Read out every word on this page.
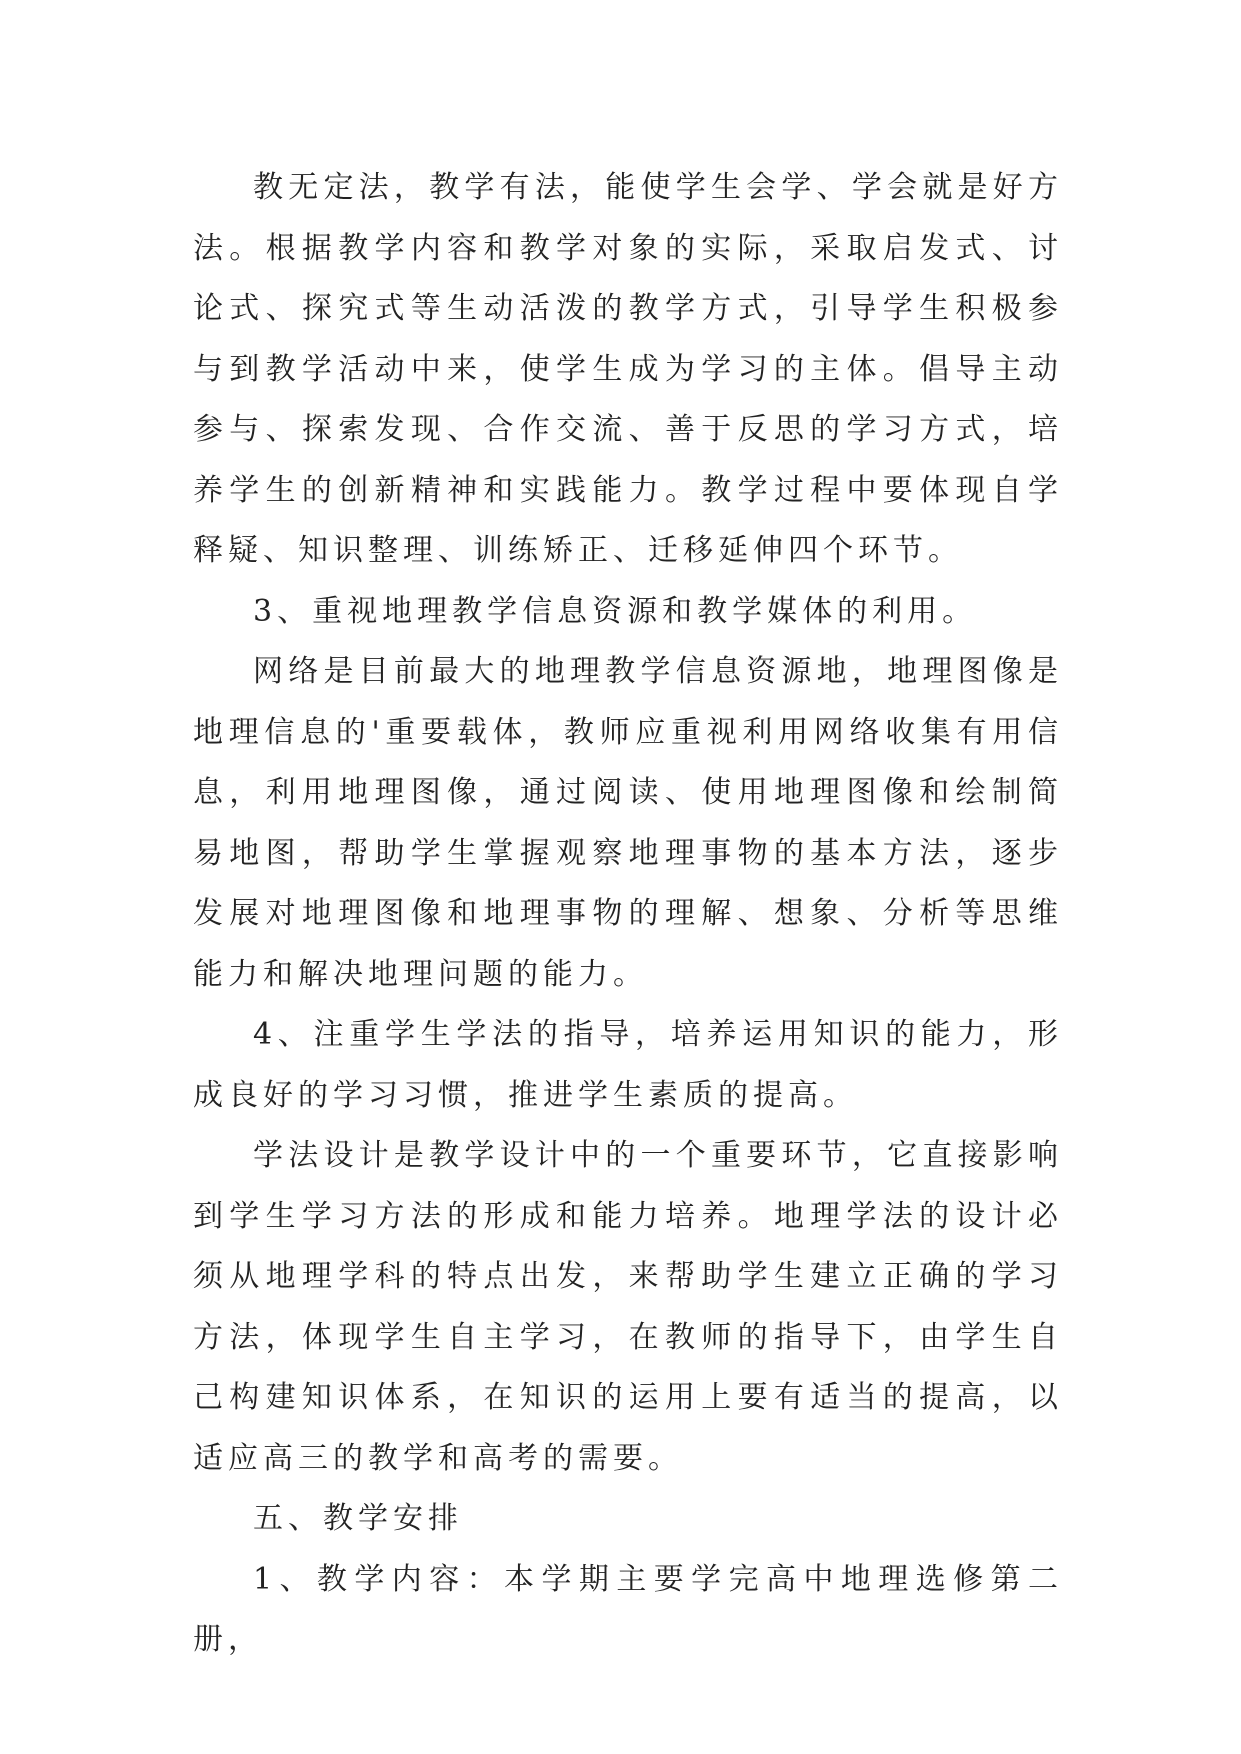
教无定法，教学有法，能使学生会学、学会就是好方法。根据教学内容和教学对象的实际，采取启发式、讨论式、探究式等生动活泼的教学方式，引导学生积极参与到教学活动中来，使学生成为学习的主体。倡导主动参与、探索发现、合作交流、善于反思的学习方式，培养学生的创新精神和实践能力。教学过程中要体现自学释疑、知识整理、训练矫正、迁移延伸四个环节。

3、重视地理教学信息资源和教学媒体的利用。

网络是目前最大的地理教学信息资源地，地理图像是地理信息的'重要载体，教师应重视利用网络收集有用信息，利用地理图像，通过阅读、使用地理图像和绘制简易地图，帮助学生掌握观察地理事物的基本方法，逐步发展对地理图像和地理事物的理解、想象、分析等思维能力和解决地理问题的能力。

4、注重学生学法的指导，培养运用知识的能力，形成良好的学习习惯，推进学生素质的提高。

学法设计是教学设计中的一个重要环节，它直接影响到学生学习方法的形成和能力培养。地理学法的设计必须从地理学科的特点出发，来帮助学生建立正确的学习方法，体现学生自主学习，在教师的指导下，由学生自己构建知识体系，在知识的运用上要有适当的提高，以适应高三的教学和高考的需要。

五、教学安排

1、教学内容：本学期主要学完高中地理选修第二册，
